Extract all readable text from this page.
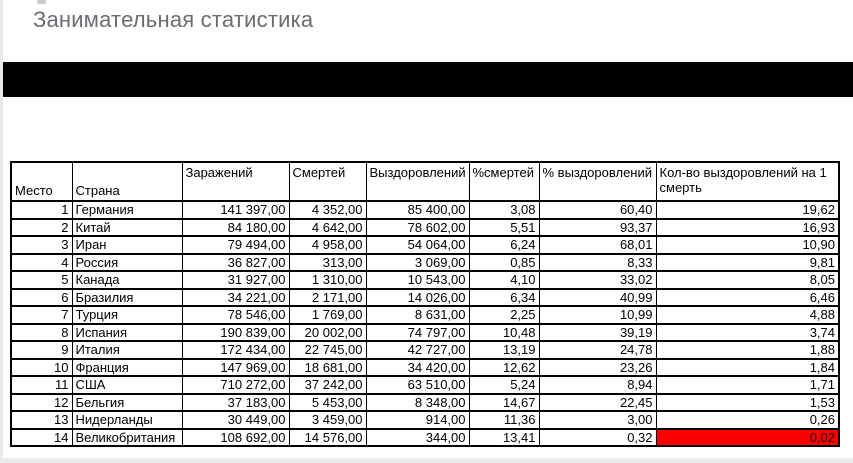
Занимательная статистика
Место	Страна	Заражений	Смертей	Выздоровлений	%смертей	% выздоровлений	Кол-во выздоровлений на 1 смерть
1	Германия	141 397,00	4 352,00	85 400,00	3,08	60,40	19,62
2	Китай	84 180,00	4 642,00	78 602,00	5,51	93,37	16,93
3	Иран	79 494,00	4 958,00	54 064,00	6,24	68,01	10,90
4	Россия	36 827,00	313,00	3 069,00	0,85	8,33	9,81
5	Канада	31 927,00	1 310,00	10 543,00	4,10	33,02	8,05
6	Бразилия	34 221,00	2 171,00	14 026,00	6,34	40,99	6,46
7	Турция	78 546,00	1 769,00	8 631,00	2,25	10,99	4,88
8	Испания	190 839,00	20 002,00	74 797,00	10,48	39,19	3,74
9	Италия	172 434,00	22 745,00	42 727,00	13,19	24,78	1,88
10	Франция	147 969,00	18 681,00	34 420,00	12,62	23,26	1,84
11	США	710 272,00	37 242,00	63 510,00	5,24	8,94	1,71
12	Бельгия	37 183,00	5 453,00	8 348,00	14,67	22,45	1,53
13	Нидерланды	30 449,00	3 459,00	914,00	11,36	3,00	0,26
14	Великобритания	108 692,00	14 576,00	344,00	13,41	0,32	0,02
